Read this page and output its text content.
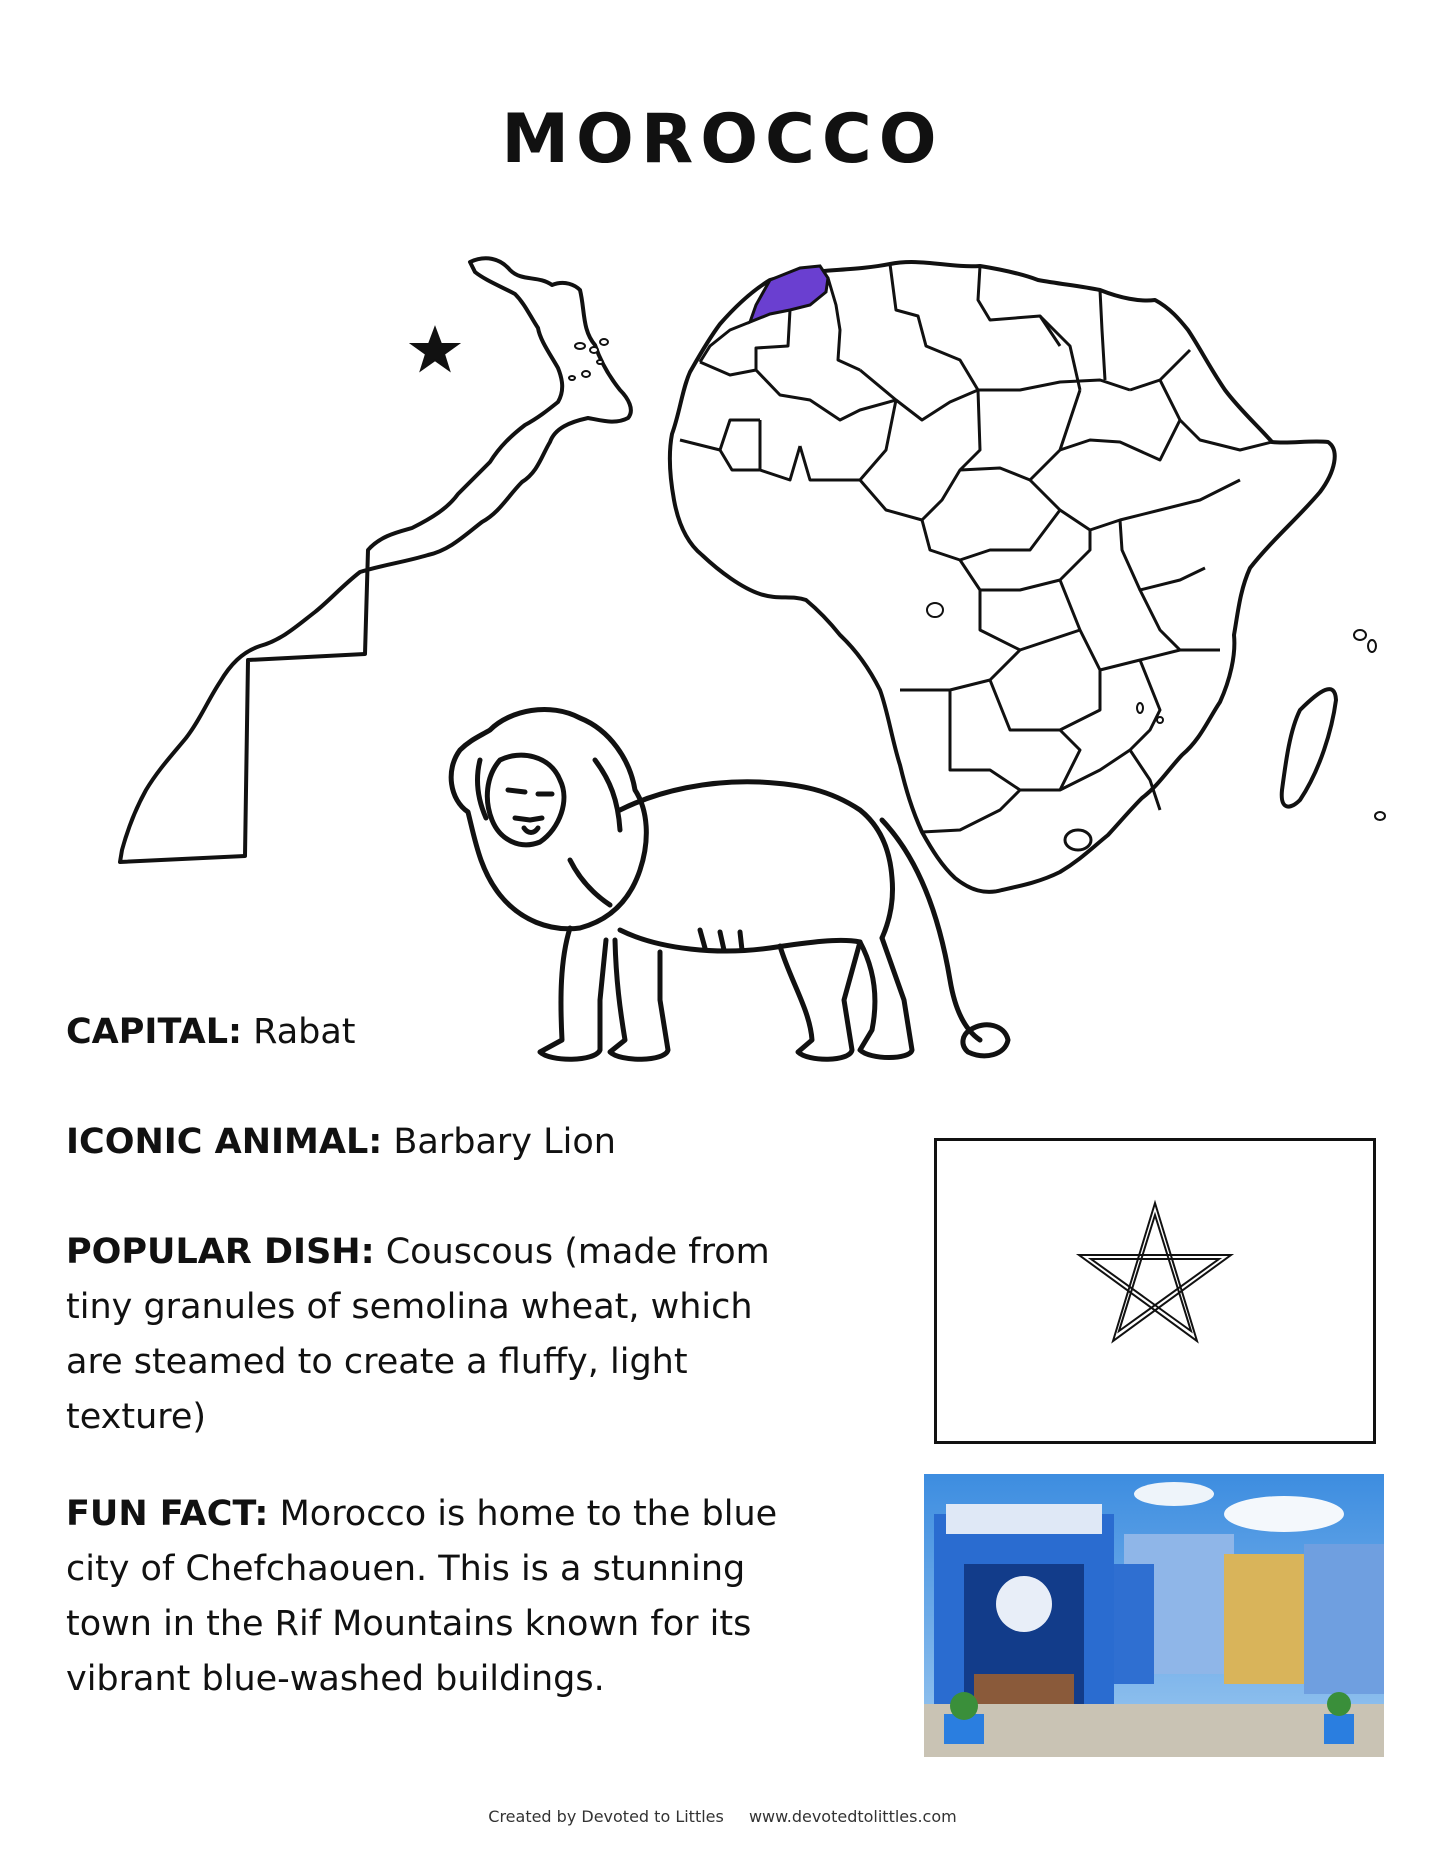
MOROCCO
CAPITAL: Rabat
ICONIC ANIMAL: Barbary Lion
POPULAR DISH: Couscous (made from tiny granules of semolina wheat, which are steamed to create a fluffy, light texture)
FUN FACT: Morocco is home to the blue city of Chefchaouen. This is a stunning town in the Rif Mountains known for its vibrant blue-washed buildings.
Created by Devoted to Littles www.devotedtolittles.com
